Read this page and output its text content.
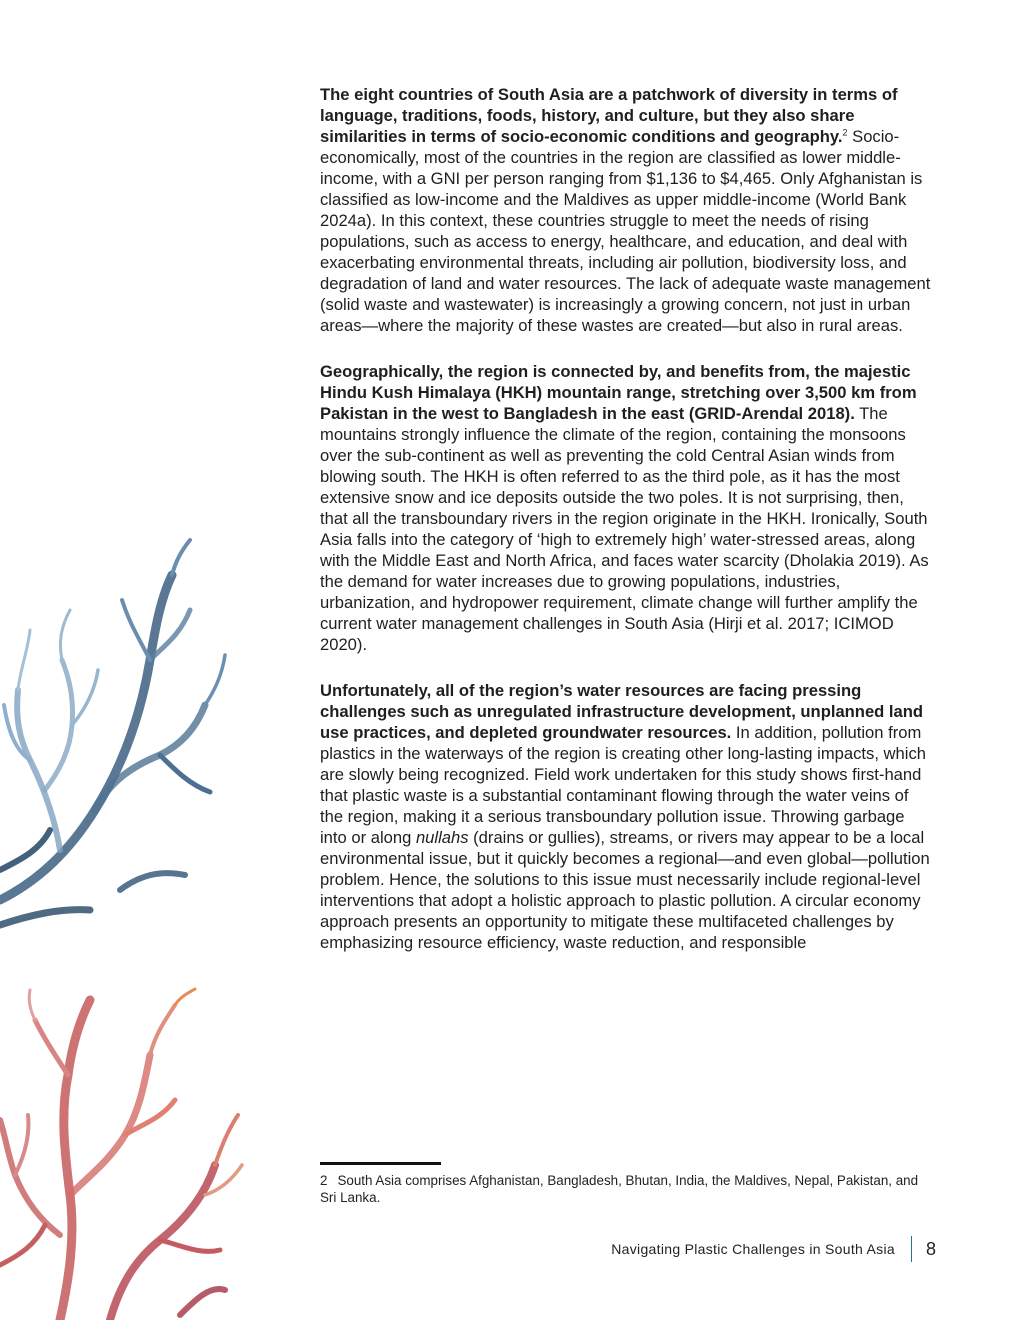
The eight countries of South Asia are a patchwork of diversity in terms of language, traditions, foods, history, and culture, but they also share similarities in terms of socio-economic conditions and geography.$^2$ Socio-economically, most of the countries in the region are classified as lower middle-income, with a GNI per person ranging from $1,136 to $4,465. Only Afghanistan is classified as low-income and the Maldives as upper middle-income (World Bank 2024a). In this context, these countries struggle to meet the needs of rising populations, such as access to energy, healthcare, and education, and deal with exacerbating environmental threats, including air pollution, biodiversity loss, and degradation of land and water resources. The lack of adequate waste management (solid waste and wastewater) is increasingly a growing concern, not just in urban areas—where the majority of these wastes are created—but also in rural areas.

Geographically, the region is connected by, and benefits from, the majestic Hindu Kush Himalaya (HKH) mountain range, stretching over 3,500 km from Pakistan in the west to Bangladesh in the east (GRID-Arendal 2018). The mountains strongly influence the climate of the region, containing the monsoons over the sub-continent as well as preventing the cold Central Asian winds from blowing south. The HKH is often referred to as the third pole, as it has the most extensive snow and ice deposits outside the two poles. It is not surprising, then, that all the transboundary rivers in the region originate in the HKH. Ironically, South Asia falls into the category of ‘high to extremely high’ water-stressed areas, along with the Middle East and North Africa, and faces water scarcity (Dholakia 2019). As the demand for water increases due to growing populations, industries, urbanization, and hydropower requirement, climate change will further amplify the current water management challenges in South Asia (Hirji et al. 2017; ICIMOD 2020).

Unfortunately, all of the region’s water resources are facing pressing challenges such as unregulated infrastructure development, unplanned land use practices, and depleted groundwater resources. In addition, pollution from plastics in the waterways of the region is creating other long-lasting impacts, which are slowly being recognized. Field work undertaken for this study shows first-hand that plastic waste is a substantial contaminant flowing through the water veins of the region, making it a serious transboundary pollution issue. Throwing garbage into or along nullahs (drains or gullies), streams, or rivers may appear to be a local environmental issue, but it quickly becomes a regional—and even global—pollution problem. Hence, the solutions to this issue must necessarily include regional-level interventions that adopt a holistic approach to plastic pollution. A circular economy approach presents an opportunity to mitigate these multifaceted challenges by emphasizing resource efficiency, waste reduction, and responsible

2 South Asia comprises Afghanistan, Bangladesh, Bhutan, India, the Maldives, Nepal, Pakistan, and Sri Lanka.
Navigating Plastic Challenges in South Asia 8
